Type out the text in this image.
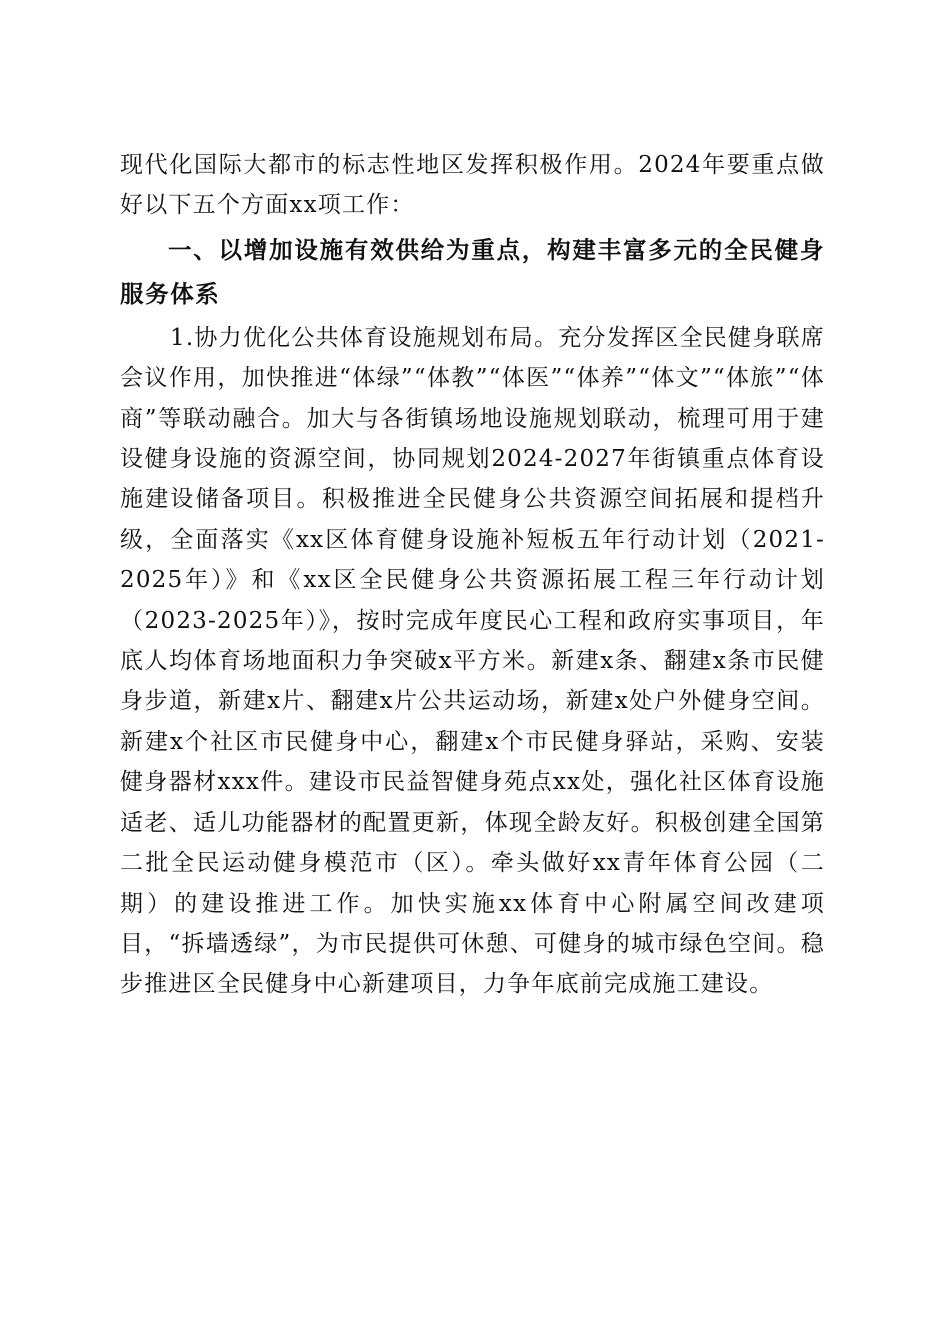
现代化国际大都市的标志性地区发挥积极作用。2024年要重点做好以下五个方面xx项工作：

一、以增加设施有效供给为重点，构建丰富多元的全民健身服务体系

1.协力优化公共体育设施规划布局。充分发挥区全民健身联席会议作用，加快推进“体绿”“体教”“体医”“体养”“体文”“体旅”“体商”等联动融合。加大与各街镇场地设施规划联动，梳理可用于建设健身设施的资源空间，协同规划2024-2027年街镇重点体育设施建设储备项目。积极推进全民健身公共资源空间拓展和提档升级，全面落实《xx区体育健身设施补短板五年行动计划（2021-2025年）》和《xx区全民健身公共资源拓展工程三年行动计划（2023-2025年）》，按时完成年度民心工程和政府实事项目，年底人均体育场地面积力争突破x平方米。新建x条、翻建x条市民健身步道，新建x片、翻建x片公共运动场，新建x处户外健身空间。新建x个社区市民健身中心，翻建x个市民健身驿站，采购、安装健身器材xxx件。建设市民益智健身苑点xx处，强化社区体育设施适老、适儿功能器材的配置更新，体现全龄友好。积极创建全国第二批全民运动健身模范市（区）。牵头做好xx青年体育公园（二期）的建设推进工作。加快实施xx体育中心附属空间改建项目，“拆墙透绿”，为市民提供可休憩、可健身的城市绿色空间。稳步推进区全民健身中心新建项目，力争年底前完成施工建设。
